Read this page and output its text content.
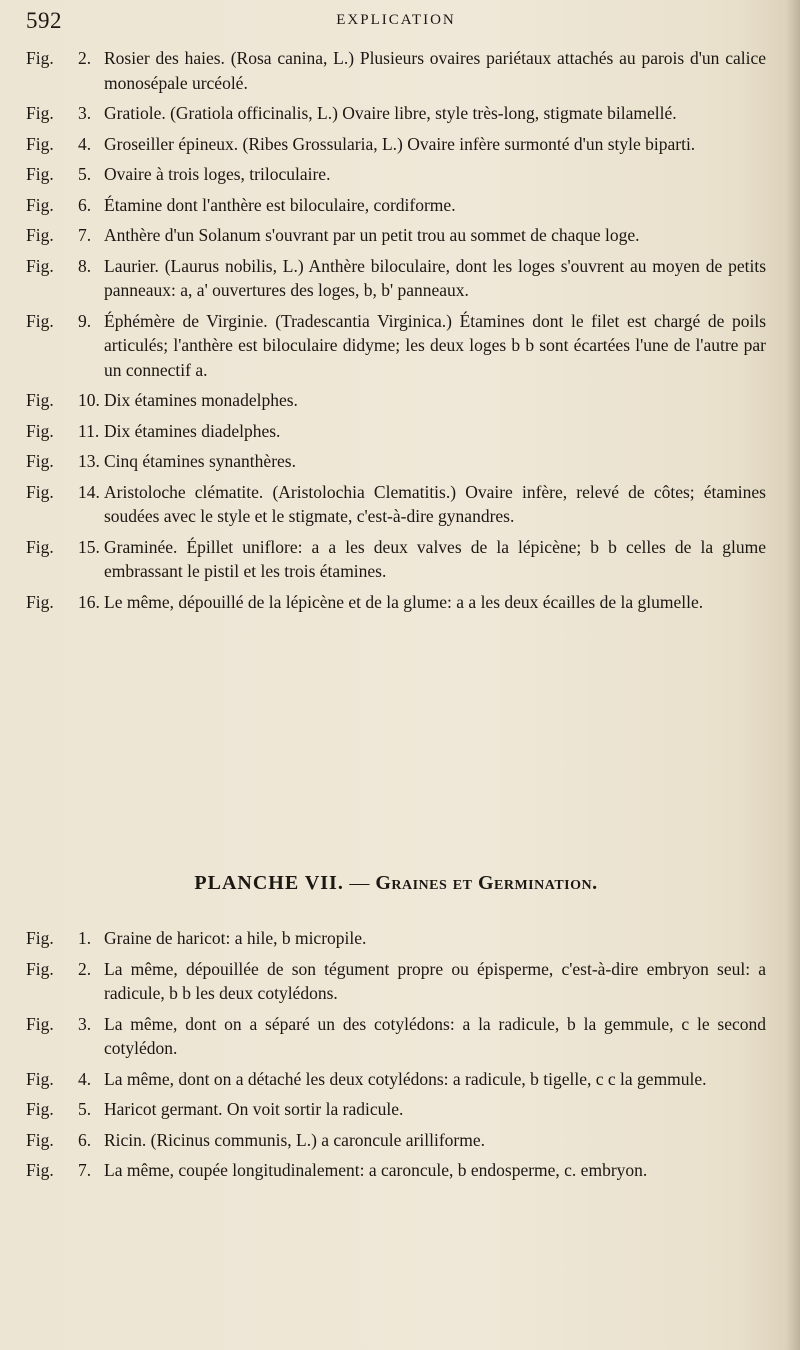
592	EXPLICATION
Fig.	2. Rosier des haies. (Rosa canina, L.) Plusieurs ovaires pariétaux attachés au parois d'un calice monosépale urcéolé.
Fig.	3. Gratiole. (Gratiola officinalis, L.) Ovaire libre, style très-long, stigmate bilamellé.
Fig.	4. Groseiller épineux. (Ribes Grossularia, L.) Ovaire infère surmonté d'un style biparti.
Fig.	5. Ovaire à trois loges, triloculaire.
Fig.	6. Étamine dont l'anthère est biloculaire, cordiforme.
Fig.	7. Anthère d'un Solanum s'ouvrant par un petit trou au sommet de chaque loge.
Fig.	8. Laurier. (Laurus nobilis, L.) Anthère biloculaire, dont les loges s'ouvrent au moyen de petits panneaux: a, a' ouvertures des loges, b, b' panneaux.
Fig.	9. Éphémère de Virginie. (Tradescantia Virginica.) Étamines dont le filet est chargé de poils articulés; l'anthère est biloculaire didyme; les deux loges b b sont écartées l'une de l'autre par un connectif a.
Fig.	10. Dix étamines monadelphes.
Fig.	11. Dix étamines diadelphes.
Fig.	13. Cinq étamines synanthères.
Fig.	14. Aristoloche clématite. (Aristolochia Clematitis.) Ovaire infère, relevé de côtes; étamines soudées avec le style et le stigmate, c'est-à-dire gynandres.
Fig.	15. Graminée. Épillet uniflore: a a les deux valves de la lépicène; b b celles de la glume embrassant le pistil et les trois étamines.
Fig.	16. Le même, dépouillé de la lépicène et de la glume: a a les deux écailles de la glumelle.
PLANCHE VII. — Graines et Germination.
Fig.	1. Graine de haricot: a hile, b micropile.
Fig.	2. La même, dépouillée de son tégument propre ou épisperme, c'est-à-dire embryon seul: a radicule, b b les deux cotylédons.
Fig.	3. La même, dont on a séparé un des cotylédons: a la radicule, b la gemmule, c le second cotylédon.
Fig.	4. La même, dont on a détaché les deux cotylédons: a radicule, b tigelle, c c la gemmule.
Fig.	5. Haricot germant. On voit sortir la radicule.
Fig.	6. Ricin. (Ricinus communis, L.) a caroncule arilliforme.
Fig.	7. La même, coupée longitudinalement: a caroncule, b endosperme, c. embryon.
